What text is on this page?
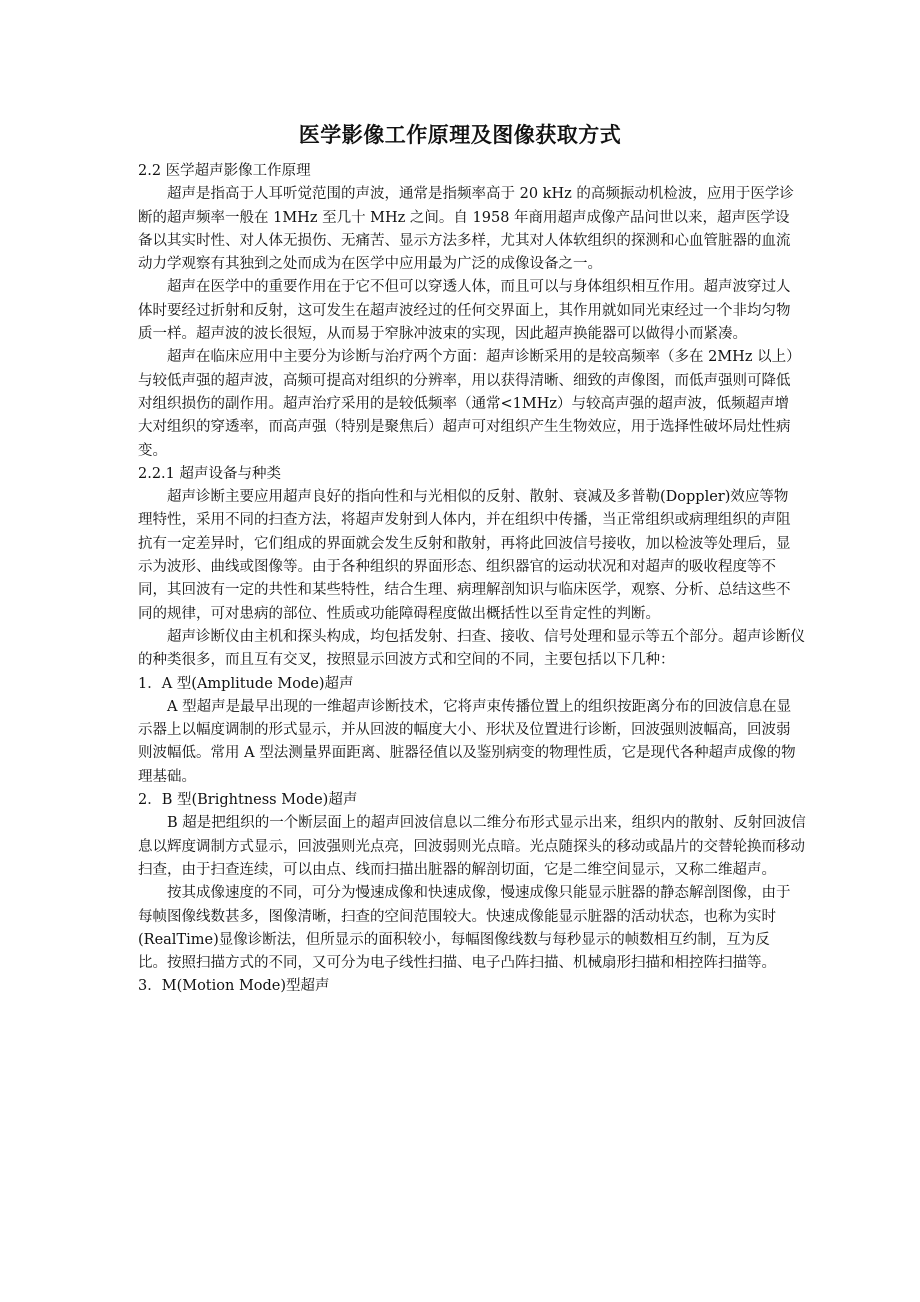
医学影像工作原理及图像获取方式

2.2 医学超声影像工作原理

超声是指高于人耳听觉范围的声波，通常是指频率高于 20 kHz 的高频振动机检波，应用于医学诊断的超声频率一般在 1MHz 至几十 MHz 之间。自 1958 年商用超声成像产品问世以来，超声医学设备以其实时性、对人体无损伤、无痛苦、显示方法多样，尤其对人体软组织的探测和心血管脏器的血流动力学观察有其独到之处而成为在医学中应用最为广泛的成像设备之一。

超声在医学中的重要作用在于它不但可以穿透人体，而且可以与身体组织相互作用。超声波穿过人体时要经过折射和反射，这可发生在超声波经过的任何交界面上，其作用就如同光束经过一个非均匀物质一样。超声波的波长很短，从而易于窄脉冲波束的实现，因此超声换能器可以做得小而紧凑。

超声在临床应用中主要分为诊断与治疗两个方面：超声诊断采用的是较高频率（多在 2MHz 以上）与较低声强的超声波，高频可提高对组织的分辨率，用以获得清晰、细致的声像图，而低声强则可降低对组织损伤的副作用。超声治疗采用的是较低频率（通常<1MHz）与较高声强的超声波，低频超声增大对组织的穿透率，而高声强（特别是聚焦后）超声可对组织产生生物效应，用于选择性破坏局灶性病变。

2.2.1 超声设备与种类

超声诊断主要应用超声良好的指向性和与光相似的反射、散射、衰减及多普勒(Doppler)效应等物理特性，采用不同的扫查方法，将超声发射到人体内，并在组织中传播，当正常组织或病理组织的声阻抗有一定差异时，它们组成的界面就会发生反射和散射，再将此回波信号接收，加以检波等处理后，显示为波形、曲线或图像等。由于各种组织的界面形态、组织器官的运动状况和对超声的吸收程度等不同，其回波有一定的共性和某些特性，结合生理、病理解剖知识与临床医学，观察、分析、总结这些不同的规律，可对患病的部位、性质或功能障碍程度做出概括性以至肯定性的判断。

超声诊断仪由主机和探头构成，均包括发射、扫查、接收、信号处理和显示等五个部分。超声诊断仪的种类很多，而且互有交叉，按照显示回波方式和空间的不同，主要包括以下几种：

1．A 型(Amplitude Mode)超声

A 型超声是最早出现的一维超声诊断技术，它将声束传播位置上的组织按距离分布的回波信息在显示器上以幅度调制的形式显示，并从回波的幅度大小、形状及位置进行诊断，回波强则波幅高，回波弱则波幅低。常用 A 型法测量界面距离、脏器径值以及鉴别病变的物理性质，它是现代各种超声成像的物理基础。

2．B 型(Brightness Mode)超声

B 超是把组织的一个断层面上的超声回波信息以二维分布形式显示出来，组织内的散射、反射回波信息以辉度调制方式显示，回波强则光点亮，回波弱则光点暗。光点随探头的移动或晶片的交替轮换而移动扫查，由于扫查连续，可以由点、线而扫描出脏器的解剖切面，它是二维空间显示，又称二维超声。

按其成像速度的不同，可分为慢速成像和快速成像，慢速成像只能显示脏器的静态解剖图像，由于每帧图像线数甚多，图像清晰，扫查的空间范围较大。快速成像能显示脏器的活动状态，也称为实时(RealTime)显像诊断法，但所显示的面积较小，每幅图像线数与每秒显示的帧数相互约制，互为反比。按照扫描方式的不同，又可分为电子线性扫描、电子凸阵扫描、机械扇形扫描和相控阵扫描等。

3．M(Motion Mode)型超声
